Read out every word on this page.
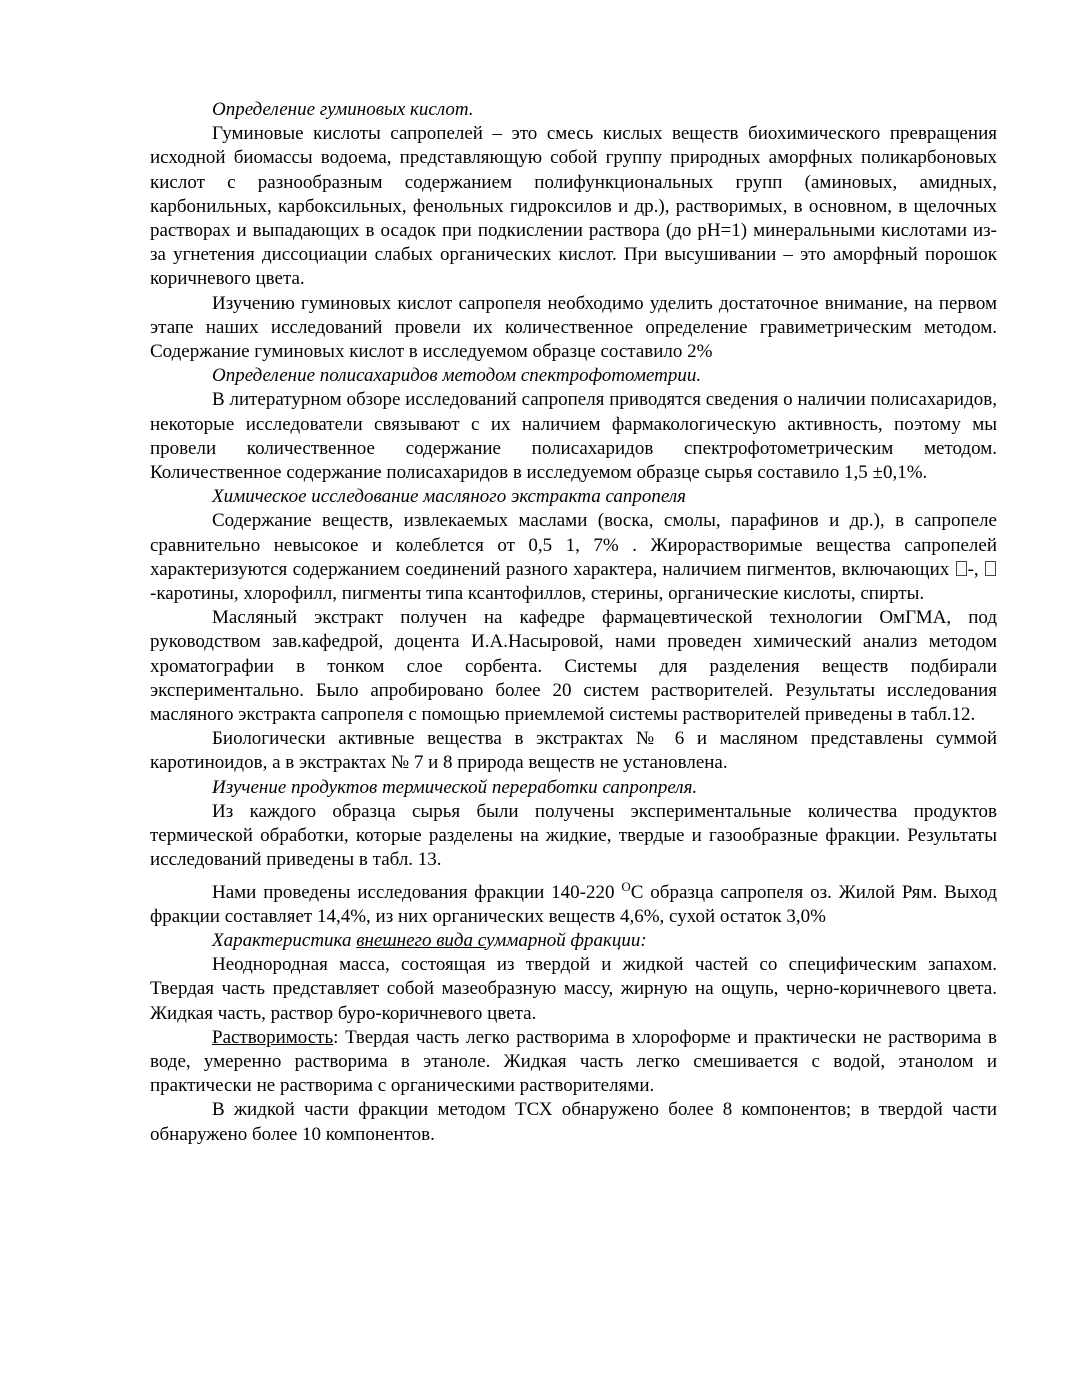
Определение гуминовых кислот.

Гуминовые кислоты сапропелей – это смесь кислых веществ биохимического превращения исходной биомассы водоема, представляющую собой группу природных аморфных поликарбоновых кислот с разнообразным содержанием полифункциональных групп (аминовых, амидных, карбонильных, карбоксильных, фенольных гидроксилов и др.), растворимых, в основном, в щелочных растворах и выпадающих в осадок при подкислении раствора (до pH=1) минеральными кислотами из-за угнетения диссоциации слабых органических кислот. При высушивании – это аморфный порошок коричневого цвета.

Изучению гуминовых кислот сапропеля необходимо уделить достаточное внимание, на первом этапе наших исследований провели их количественное определение гравиметрическим методом. Содержание гуминовых кислот в исследуемом образце составило 2%

Определение полисахаридов методом спектрофотометрии.

В литературном обзоре исследований сапропеля приводятся сведения о наличии полисахаридов, некоторые исследователи связывают с их наличием фармакологическую активность, поэтому мы провели количественное содержание полисахаридов спектрофотометрическим методом. Количественное содержание полисахаридов в исследуемом образце сырья составило 1,5 ±0,1%.

Химическое исследование масляного экстракта сапропеля

Содержание веществ, извлекаемых маслами (воска, смолы, парафинов и др.), в сапропеле сравнительно невысокое и колеблется от 0,5 1, 7% . Жирорастворимые вещества сапропелей характеризуются содержанием соединений разного характера, наличием пигментов, включающих -, -каротины, хлорофилл, пигменты типа ксантофиллов, стерины, органические кислоты, спирты.

Масляный экстракт получен на кафедре фармацевтической технологии ОмГМА, под руководством зав.кафедрой, доцента И.А.Насыровой, нами проведен химический анализ методом хроматографии в тонком слое сорбента. Системы для разделения веществ подбирали экспериментально. Было апробировано более 20 систем растворителей. Результаты исследования масляного экстракта сапропеля с помощью приемлемой системы растворителей приведены в табл.12.

Биологически активные вещества в экстрактах № 6 и масляном представлены суммой каротиноидов, а в экстрактах № 7 и 8 природа веществ не установлена.

Изучение продуктов термической переработки сапропреля.

Из каждого образца сырья были получены экспериментальные количества продуктов термической обработки, которые разделены на жидкие, твердые и газообразные фракции. Результаты исследований приведены в табл. 13.

Нами проведены исследования фракции 140-220 $^О$С образца сапропеля оз. Жилой Рям. Выход фракции составляет 14,4%, из них органических веществ 4,6%, сухой остаток 3,0%

Характеристика внешнего вида суммарной фракции:

Неоднородная масса, состоящая из твердой и жидкой частей со специфическим запахом. Твердая часть представляет собой мазеобразную массу, жирную на ощупь, черно-коричневого цвета. Жидкая часть, раствор буро-коричневого цвета.

Растворимость: Твердая часть легко растворима в хлороформе и практически не растворима в воде, умеренно растворима в этаноле. Жидкая часть легко смешивается с водой, этанолом и практически не растворима с органическими растворителями.

В жидкой части фракции методом ТСХ обнаружено более 8 компонентов; в твердой части обнаружено более 10 компонентов.
